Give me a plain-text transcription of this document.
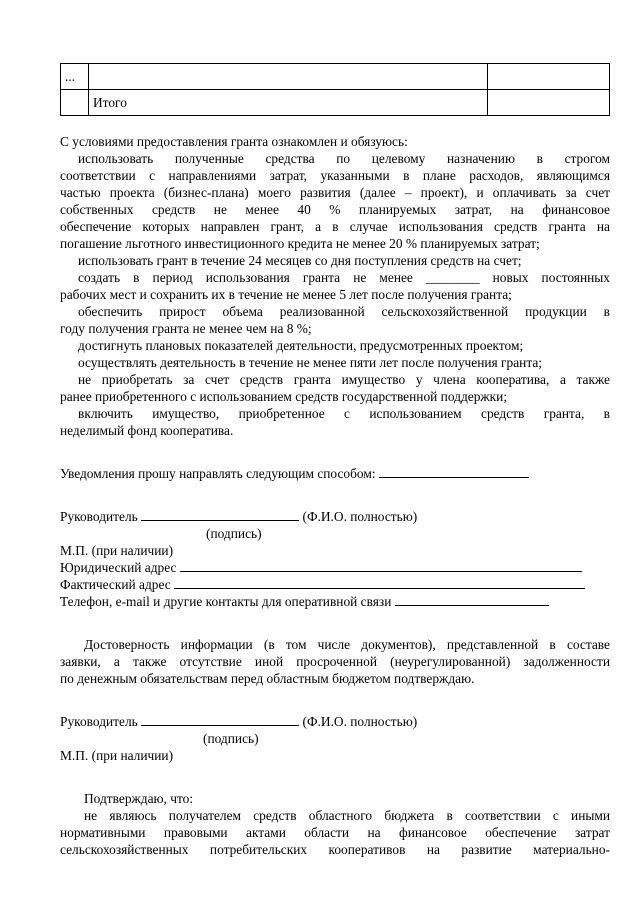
...		
	Итого	

С условиями предоставления гранта ознакомлен и обязуюсь:

использовать полученные средства по целевому назначению в строгом

соответствии с направлениями затрат, указанными в плане расходов, являющимся

частью проекта (бизнес-плана) моего развития (далее – проект), и оплачивать за счет

собственных средств не менее 40 % планируемых затрат, на финансовое

обеспечение которых направлен грант, а в случае использования средств гранта на

погашение льготного инвестиционного кредита не менее 20 % планируемых затрат;

использовать грант в течение 24 месяцев со дня поступления средств на счет;

создать в период использования гранта не менее ________ новых постоянных

рабочих мест и сохранить их в течение не менее 5 лет после получения гранта;

обеспечить прирост объема реализованной сельскохозяйственной продукции в

году получения гранта не менее чем на 8 %;

достигнуть плановых показателей деятельности, предусмотренных проектом;

осуществлять деятельность в течение не менее пяти лет после получения гранта;

не приобретать за счет средств гранта имущество у члена кооператива, а также

ранее приобретенного с использованием средств государственной поддержки;

включить имущество, приобретенное с использованием средств гранта, в

неделимый фонд кооператива.

Уведомления прошу направлять следующим способом:

Руководитель	(Ф.И.О. полностью)

(подпись)

М.П. (при наличии)

Юридический адрес

Фактический адрес

Телефон, e-mail и другие контакты для оперативной связи

Достоверность информации (в том числе документов), представленной в составе

заявки, а также отсутствие иной просроченной (неурегулированной) задолженности

по денежным обязательствам перед областным бюджетом подтверждаю.

Руководитель	(Ф.И.О. полностью)

(подпись)

М.П. (при наличии)

Подтверждаю, что:

не являюсь получателем средств областного бюджета в соответствии с иными

нормативными правовыми актами области на финансовое обеспечение затрат

сельскохозяйственных потребительских кооперативов на развитие материально-
